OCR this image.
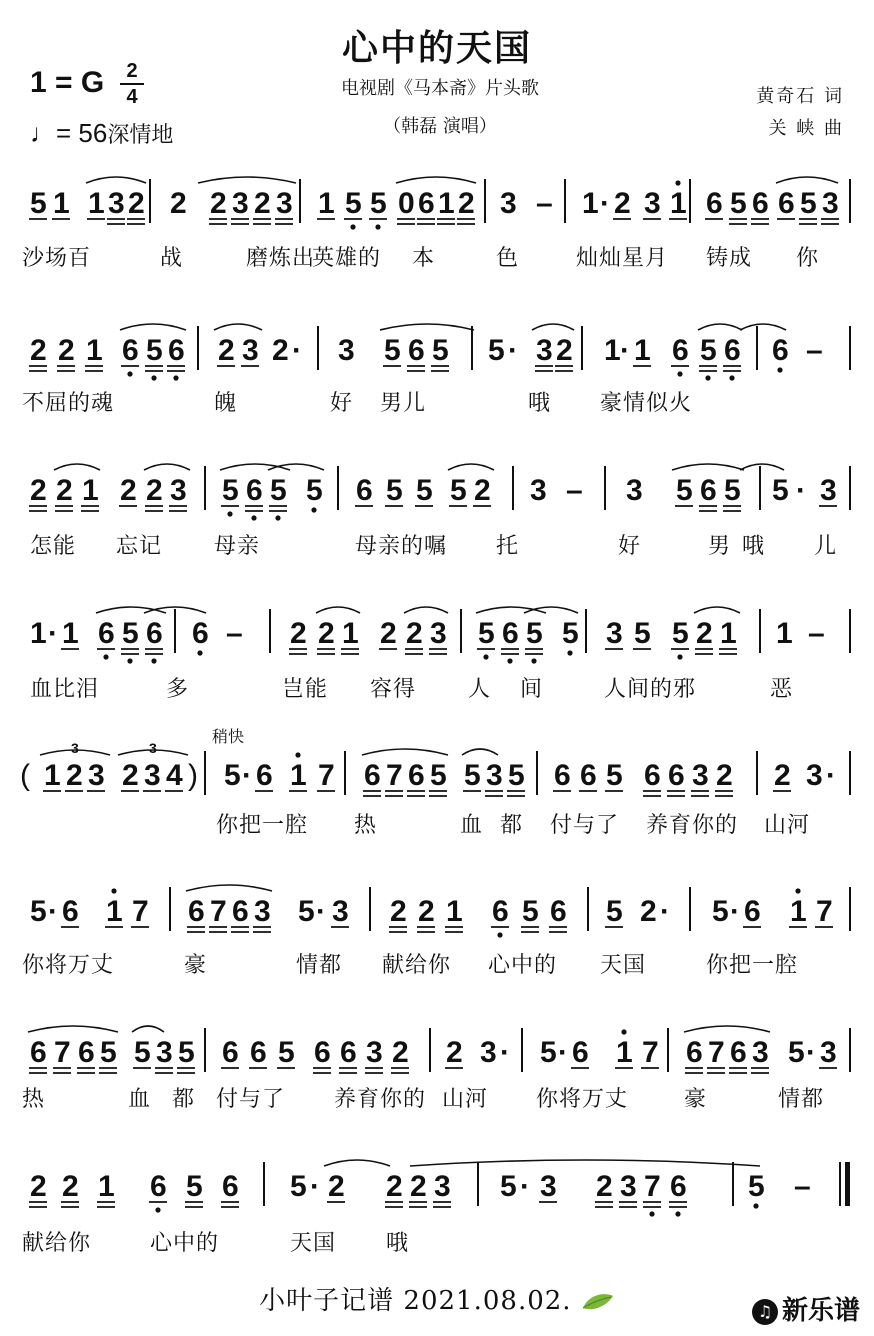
心中的天国
1 = G	2
4
♩= 56深情地
电视剧《马本斋》片头歌
（韩磊 演唱）
黄奇石 词
关 峡 曲
5 1 1 3 2 2 2 3 2 3 1 5 5 0 6 1 2 3 – 1 · 2 3 1 6 5 6 6 5 3
沙场百	战	磨炼出
英雄的 本	色	灿灿星月 铸成 你
2 2 1 6 5 6 2 3 2 · 3 5 6 5 5 · 3 2 1 · 1 6 5 6 6 –
不屈的魂	魄	好 男儿	哦 豪情似火
2 2 1 2 2 3 5 6 5 5 6 5 5 5 2 3 – 3 5 6 5 5 · 3
怎能 忘记 母亲	母亲的嘱 托	好	男	儿
哦
1 · 1 6 5 6 6 – 2 2 1 2 2 3 5 6 5 5 3 5 5 2 1 1 –
血比泪	多	岂能 容得 人 间	人间的邪	恶
( 1 2 3 2 3 4 ) 5 · 6 1 7 6 7 6 5 5 3 5 6 6 5 6 6 3 2 2 3 ·
3	3
稍快
你把一腔 热	血 都 付与了 养育你的 山河
5 · 6 1 7 6 7 6 3 5 · 3 2 2 1 6 5 6 5 2 · 5 · 6 1 7
你将万丈	豪	情都 献给你 心中的 天国	你把一腔
6 7 6 5 5 3 5 6 6 5 6 6 3 2 2 3 · 5 · 6 1 7 6 7 6 3 5 · 3
热	血 都 付与了 养育你的 山河 你将万丈	豪	情都
2 2 1 6 5 6 5 · 2 2 2 3 5 · 3 2 3 7 6 5 –
献给你	心中的	天国 哦
小叶子记谱 2021.08.02.	♫ 新乐谱
